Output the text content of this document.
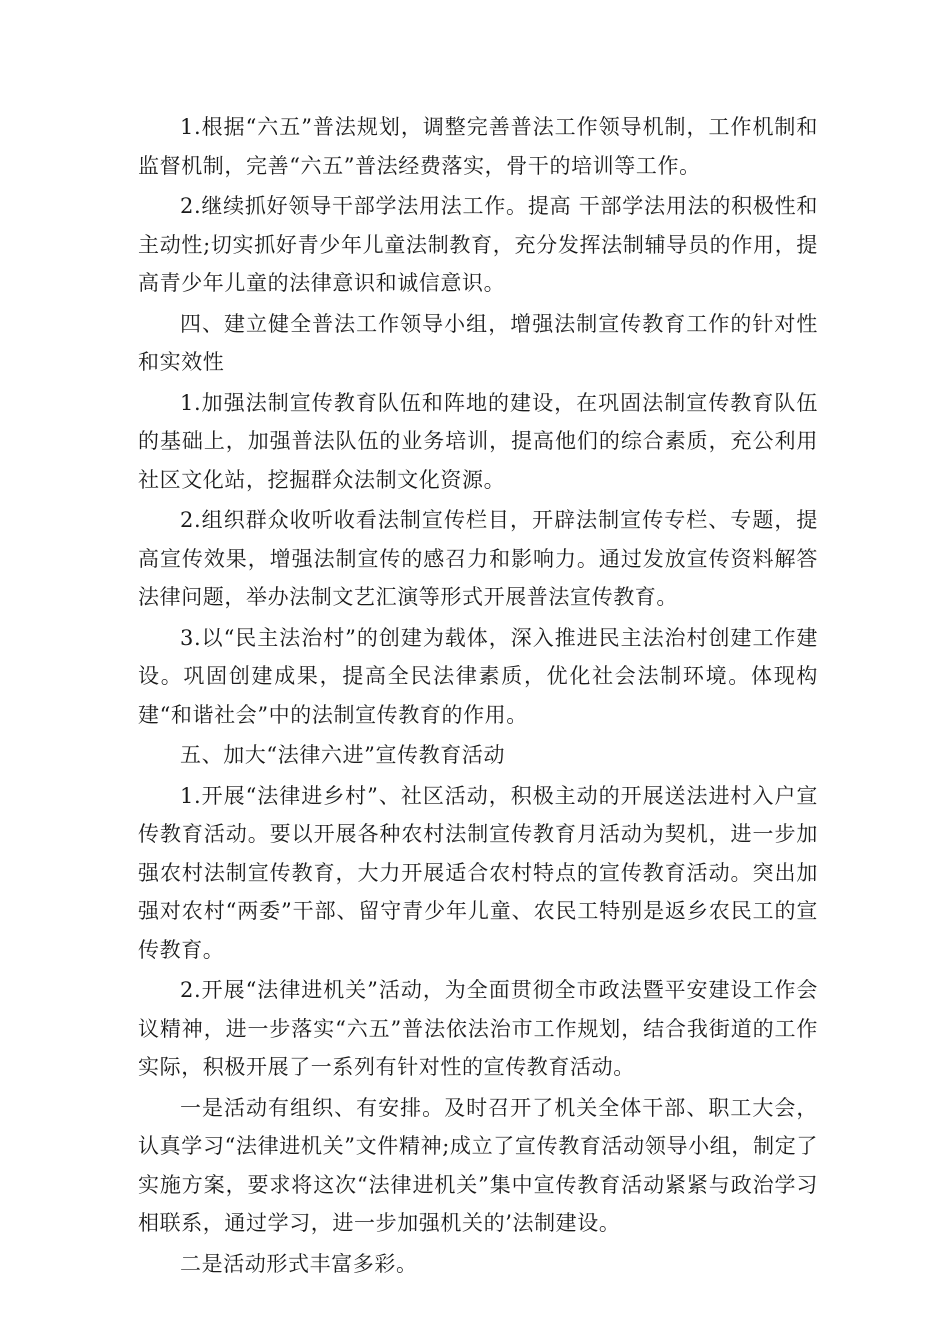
1.根据“六五”普法规划，调整完善普法工作领导机制，工作机制和监督机制，完善“六五”普法经费落实，骨干的培训等工作。

2.继续抓好领导干部学法用法工作。提高 干部学法用法的积极性和主动性;切实抓好青少年儿童法制教育，充分发挥法制辅导员的作用，提高青少年儿童的法律意识和诚信意识。

四、建立健全普法工作领导小组，增强法制宣传教育工作的针对性和实效性

1.加强法制宣传教育队伍和阵地的建设，在巩固法制宣传教育队伍的基础上，加强普法队伍的业务培训，提高他们的综合素质，充公利用社区文化站，挖掘群众法制文化资源。

2.组织群众收听收看法制宣传栏目，开辟法制宣传专栏、专题，提高宣传效果，增强法制宣传的感召力和影响力。通过发放宣传资料解答法律问题，举办法制文艺汇演等形式开展普法宣传教育。

3.以“民主法治村”的创建为载体，深入推进民主法治村创建工作建设。巩固创建成果，提高全民法律素质，优化社会法制环境。体现构建“和谐社会”中的法制宣传教育的作用。

五、加大“法律六进”宣传教育活动

1.开展“法律进乡村”、社区活动，积极主动的开展送法进村入户宣传教育活动。要以开展各种农村法制宣传教育月活动为契机，进一步加强农村法制宣传教育，大力开展适合农村特点的宣传教育活动。突出加强对农村“两委”干部、留守青少年儿童、农民工特别是返乡农民工的宣传教育。

2.开展“法律进机关”活动，为全面贯彻全市政法暨平安建设工作会议精神，进一步落实“六五”普法依法治市工作规划，结合我街道的工作实际，积极开展了一系列有针对性的宣传教育活动。

一是活动有组织、有安排。及时召开了机关全体干部、职工大会，认真学习“法律进机关”文件精神;成立了宣传教育活动领导小组，制定了实施方案，要求将这次“法律进机关”集中宣传教育活动紧紧与政治学习相联系，通过学习，进一步加强机关的’法制建设。

二是活动形式丰富多彩。
